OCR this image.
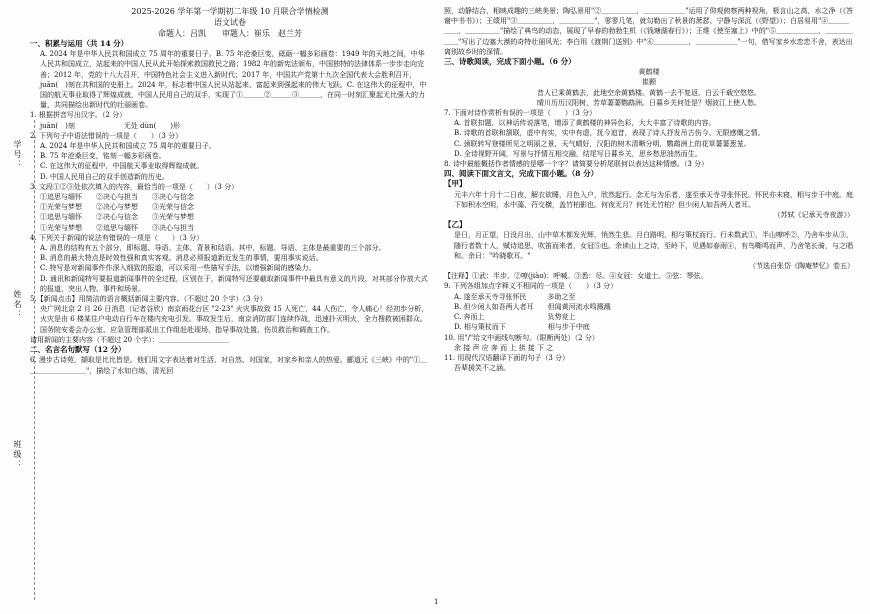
学号：
姓名：
班级：
2025-2026 学年第一学期初二年级 10 月联合学情检测
语文试卷
命题人：吕凯　　审题人：崔乐　赵兰芳

一、积累与运用（共 14 分）

A. 2024 年是中华人民共和国成立 75 周年的重要日子。B. 75 年沧桑巨变，砥砺一幅多彩画卷：1949 年的天地之间，中华人民共和国成立，站起来的中国人民从此开始探索救国救民之路；1982 年的新宪法颁布，中国独特的法律体系一步步走向完善；2012 年，党的十八大召开，中国特色社会主义进入新时代；2017 年，中国共产党第十九次全国代表大会胜利召开，juān(　)刻在共和国的史册上。2024 年，标志着中国人民从站起来、富起来到强起来的伟大飞跃。C. 在这伟大的征程中，中国的航天事业取得了辉煌成就，中国人民用自己的双手，实现了①＿＿＿②＿＿＿③＿＿＿，在同一时刻汇聚起无比强大的力量，共同描绘出新时代的壮丽画卷。

1. 根据拼音写出汉字。（2 分）

juān(　)刻　　　　　　　无处 dùn(　　)形

2. 下列句子中语法错误的一项是（　　）（3 分）

A. 2024 年是中华人民共和国成立 75 周年的重要日子。

B. 75 年沧桑巨变，铭刻一幅多彩画卷。

C. 在这伟大的征程中，中国航天事业取得辉煌成就。

D. 中国人民用自己的双手创造新的历史。

3. 文段①②③处依次填入的内容，最恰当的一项是（　　）（3 分）

①追思与缅怀　　②决心与担当　　③决心与信念

①光荣与梦想　　②决心与梦想　　③光荣与信念

①追思与缅怀　　②决心与信念　　③光荣与梦想

①光荣与梦想　　②追思与缅怀　　③决心与担当

4. 下列关于新闻的说法有错误的一项是（　　）（3 分）

A. 消息的结构有五个部分，即标题、导语、主体、背景和结语。其中，标题、导语、主体是最重要的三个部分。

B. 消息的最大特点是时效性强和真实客观。消息必须报道新近发生的事情，要用事实说话。

C. 特写是对新闻事件作深入细致的报道，可以采用一些描写手法，以增强新闻的感染力。

D. 通讯和新闻特写要报道新闻事件的全过程，区别在于，新闻特写还要截取新闻事件中最具有意义的片段，对其部分作放大式的报道，突出人物、事件和场景。

5.【新闻点击】用简洁的语言概括新闻主要内容。（不超过 20 个字）（3 分）

央广网北京 2 月 26 日消息（记者谷欣）南京雨花台区 "2·23" 火灾事故致 15 人死亡，44 人伤亡，令人痛心！经初步分析，火灾是由 6 楼某住户电动自行车在楼内充电引发。事故发生后，南京消防部门连续作战，迅速扑灭明火，全力搜救被困群众。国务院安委会办公室、应急管理部派出工作组赶赴现场，指导事故处置、伤员救治和调查工作。

请用新闻的主要内容（不超过 20 个字）：＿＿＿＿＿＿＿＿＿＿

二、名言名句默写（12 分）

6. 漫步古诗苑，撷取是比比皆是。他们用文字表达着对生活、对自然、对国家，对家乡和亲人的热爱。郦道元《三峡》中的"①＿＿＿＿＿＿＿＿＿"，描绘了水如白练，清光回

照，动静结合，相映成趣的三峡美景；陶弘景用"②＿＿＿＿＿，＿＿＿＿＿＿"运用了仰观俯察两种视角，极言山之高，水之净（《答谢中书书》）；王绩用"③＿＿＿＿＿，＿＿＿＿＿"，寥寥几笔，就勾勒出了秋景的萧瑟、宁静与深沉（《野望》）；白居易用"④＿＿＿＿＿，＿＿＿＿＿"描绘了典鸟的动态，展现了早春的勃勃生机（《钱塘湖春行》）；王维《使至塞上》中的"⑤＿＿＿＿＿＿，＿＿＿＿＿＿"写出了边塞大漠的奇特壮丽风光；李白用《渡荆门送别》中"⑥＿＿＿＿＿，＿＿＿＿＿＿"一句，借写家乡水恋恋不舍，表达出离别故乡时的深情。

三、诗歌阅读，完成下面小题。（6 分）

黄鹤楼

崔颢

昔人已乘黄鹤去，此地空余黄鹤楼。黄鹤一去不复返，白云千载空悠悠。

晴川历历汉阳树，芳草萋萋鹦鹉洲。日暮乡关何处是？烟波江上使人愁。

7. 下面对诗作赏析有误的一项是（　　）（3 分）

A. 首联扣题，以神话传说落笔，增添了黄鹤楼的神异色彩，大大丰富了诗歌的内容。

B. 诗歌的首联和颔联，虚中有实，实中有虚，抚今追昔，表现了诗人抒发吊古伤今、无限感慨之情。

C. 颈联转写登楼所见之明丽之景，天气晴好，汉阳的树木清晰分明，鹦鹉洲上的花草萋萋葱茏。

D. 全诗视野开阔，写景与抒情互相交融，结尾写日暮乡关，思乡愁思油然而生。

8. 诗中最能概括作者情感的是哪一个字？请简要分析尾联何以表达这种情感。（3 分）

四、阅读下面文言文，完成下面小题。（8 分）

【甲】

元丰六年十月十二日夜，解衣欲睡，月色入户，欣然起行。念无与为乐者，遂至承天寺寻张怀民。怀民亦未寝，相与步于中庭。庭下如积水空明，水中藻、荇交横，盖竹柏影也。何夜无月？何处无竹柏？但少闲人如吾两人者耳。

（苏轼《记承天寺夜游》）

【乙】

是日，月正望，日没月出，山中草木都发光辉，悄然生悲。月白路明，相与策杖而行。行未数武①，半山嘹呼②，乃舍车步从③，随行者数十人，赋诗追思，吹笛而来者，女冠⑤也。余读山上之诗，至岭下，见遇如春雨④，有鸟嘶鸣而声，乃舍笔长骑，与之唱和。余曰："吟晓歌耳。"

（节选自张岱《陶庵梦忆》卷五）

【注释】①武：半步。②嘹(jiào)：呼喊。③悉：尽。④女冠：女道士。⑤弦：琴弦。

9. 下列各组加点字释义不相同的一项是（　　）（3 分）

A. 遂至承天寺寻张怀民　　　多助之至

B. 但少闲人如吾两人者耳　　但闻黄河流水鸣溅溅

C. 奔而上　　　　　　　　　负势竞上

D. 相与策杖而下　　　　　　相与步于中庭

10. 用"/"给文中画线句断句。（限断两处）（2 分）

余 接 声 应 奔 而 上 拱 接 下 之

11. 用现代汉语翻译下面的句子（3 分）

吾辈援笑不之涵。

1
